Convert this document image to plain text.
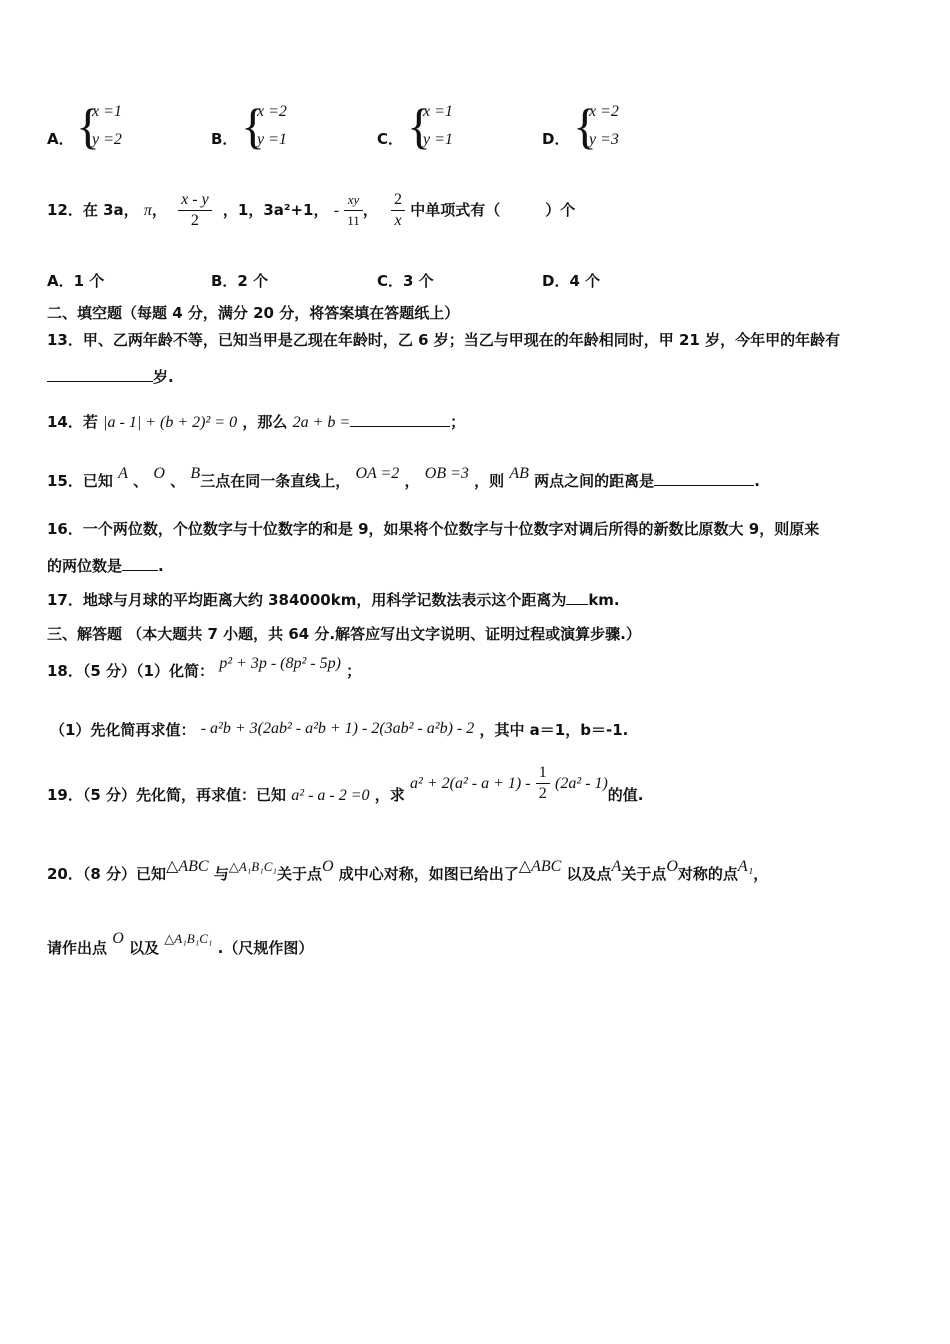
A． {
x =1
y =2	B． {
x =2
y =1	C． {
x =1
y =1	D． {
x =2
y =3
12．在 3a， π， $\frac{x - y}{2}$ ，1，3a²+1， - $\frac{xy}{11}$ ， $\frac{2}{x}$ 中单项式有（　　　）个
A．1 个	B．2 个	C．3 个	D．4 个
二、填空题（每题 4 分，满分 20 分，将答案填在答题纸上）
13．甲、乙两年龄不等，已知当甲是乙现在年龄时，乙 6 岁；当乙与甲现在的年龄相同时，甲 21 岁，今年甲的年龄有
岁.
14．若 |a - 1| + (b + 2)² = 0 ，那么 2a + b =	；
15．已知 A 、 O 、 B三点在同一条直线上， OA =2 ， OB =3 ，则 AB 两点之间的距离是	.
16．一个两位数，个位数字与十位数字的和是 9，如果将个位数字与十位数字对调后所得的新数比原数大 9，则原来
的两位数是 .
17．地球与月球的平均距离大约 384000km，用科学记数法表示这个距离为 km.
三、解答题 （本大题共 7 小题，共 64 分.解答应写出文字说明、证明过程或演算步骤.）
18．（5 分）（1）化简： p² + 3p - (8p² - 5p) ；
（1）先化简再求值： - a²b + 3(2ab² - a²b + 1) - 2(3ab² - a²b) - 2 ，其中 a＝1，b＝-1.
19．（5 分）先化简，再求值：已知 a² - a - 2 =0 ，求 $a^2 + 2(a^2 - a + 1) - \frac{1}{2} (2a^2 - 1)$的值.
20．（8 分）已知△ABC 与△A₁B₁C₁关于点O 成中心对称，如图已给出了△ABC 以及点A关于点O对称的点A₁，
请作出点 O 以及 △A₁B₁C₁ .（尺规作图）
